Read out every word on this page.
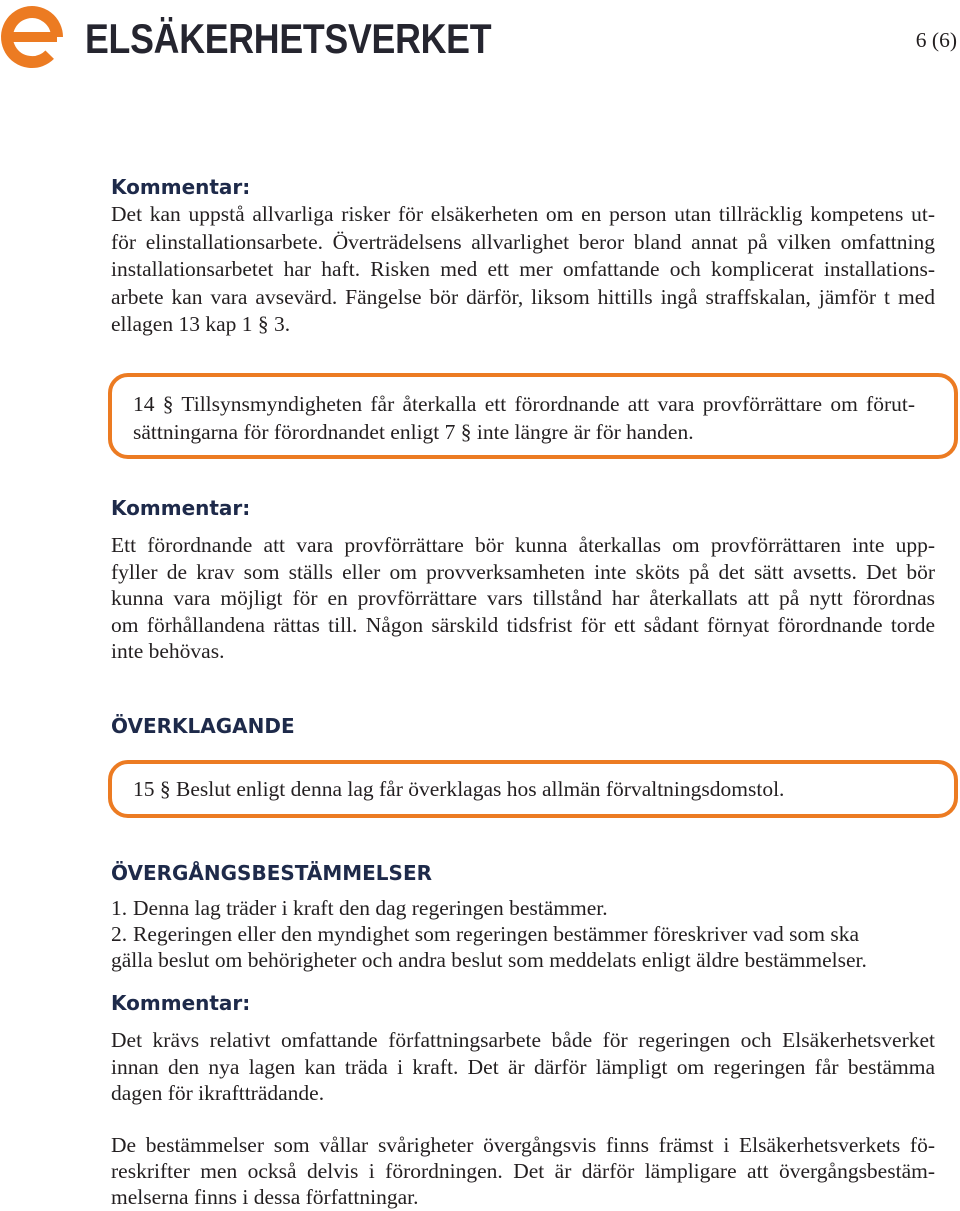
ELSÄKERHETSVERKET	6 (6)
Kommentar:
Det kan uppstå allvarliga risker för elsäkerheten om en person utan tillräcklig kompetens ut-
för elinstallationsarbete. Överträdelsens allvarlighet beror bland annat på vilken omfattning
installationsarbetet har haft. Risken med ett mer omfattande och komplicerat installations-
arbete kan vara avsevärd. Fängelse bör därför, liksom hittills ingå straffskalan, jämför t med
ellagen 13 kap 1 § 3.
14 § Tillsynsmyndigheten får återkalla ett förordnande att vara provförrättare om förut-
sättningarna för förordnandet enligt 7 § inte längre är för handen.
Kommentar:
Ett förordnande att vara provförrättare bör kunna återkallas om provförrättaren inte upp-
fyller de krav som ställs eller om provverksamheten inte sköts på det sätt avsetts. Det bör
kunna vara möjligt för en provförrättare vars tillstånd har återkallats att på nytt förordnas
om förhållandena rättas till. Någon särskild tidsfrist för ett sådant förnyat förordnande torde
inte behövas.
ÖVERKLAGANDE
15 § Beslut enligt denna lag får överklagas hos allmän förvaltningsdomstol.
ÖVERGÅNGSBESTÄMMELSER
1. Denna lag träder i kraft den dag regeringen bestämmer.
2. Regeringen eller den myndighet som regeringen bestämmer föreskriver vad som ska
gälla beslut om behörigheter och andra beslut som meddelats enligt äldre bestämmelser.
Kommentar:
Det krävs relativt omfattande författningsarbete både för regeringen och Elsäkerhetsverket
innan den nya lagen kan träda i kraft. Det är därför lämpligt om regeringen får bestämma
dagen för ikraftträdande.
De bestämmelser som vållar svårigheter övergångsvis finns främst i Elsäkerhetsverkets fö-
reskrifter men också delvis i förordningen. Det är därför lämpligare att övergångsbestäm-
melserna finns i dessa författningar.
